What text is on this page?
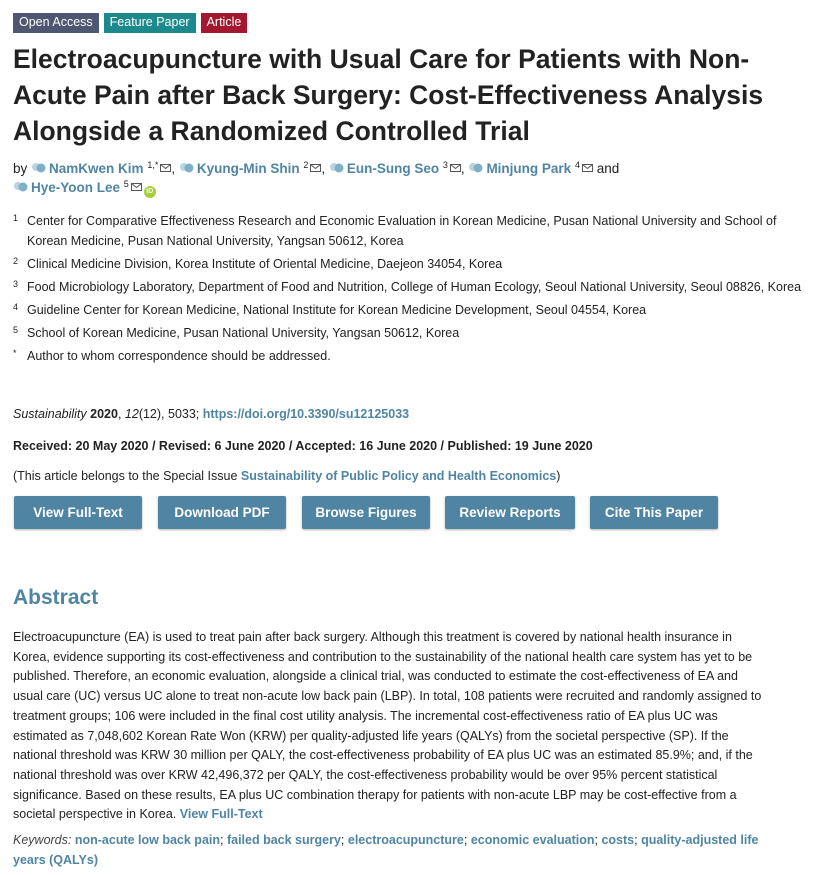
Open Access	Feature Paper	Article
Electroacupuncture with Usual Care for Patients with Non-Acute Pain after Back Surgery: Cost-Effectiveness Analysis Alongside a Randomized Controlled Trial
by NamKwen Kim $^{1,*}$ , Kyung-Min Shin $^2$ , Eun-Sung Seo $^3$ , Minjung Park $^4$ and
Hye-Yoon Lee $^5$iD
1 Center for Comparative Effectiveness Research and Economic Evaluation in Korean Medicine, Pusan National University and School of Korean Medicine, Pusan National University, Yangsan 50612, Korea
2 Clinical Medicine Division, Korea Institute of Oriental Medicine, Daejeon 34054, Korea
3 Food Microbiology Laboratory, Department of Food and Nutrition, College of Human Ecology, Seoul National University, Seoul 08826, Korea
4 Guideline Center for Korean Medicine, National Institute for Korean Medicine Development, Seoul 04554, Korea
5 School of Korean Medicine, Pusan National University, Yangsan 50612, Korea
* Author to whom correspondence should be addressed.
Sustainability 2020, 12(12), 5033; https://doi.org/10.3390/su12125033
Received: 20 May 2020 / Revised: 6 June 2020 / Accepted: 16 June 2020 / Published: 19 June 2020
(This article belongs to the Special Issue Sustainability of Public Policy and Health Economics)
View Full-Text	Download PDF	Browse Figures	Review Reports	Cite This Paper
Abstract
Electroacupuncture (EA) is used to treat pain after back surgery. Although this treatment is covered by national health insurance in Korea, evidence supporting its cost-effectiveness and contribution to the sustainability of the national health care system has yet to be published. Therefore, an economic evaluation, alongside a clinical trial, was conducted to estimate the cost-effectiveness of EA and usual care (UC) versus UC alone to treat non-acute low back pain (LBP). In total, 108 patients were recruited and randomly assigned to treatment groups; 106 were included in the final cost utility analysis. The incremental cost-effectiveness ratio of EA plus UC was estimated as 7,048,602 Korean Rate Won (KRW) per quality-adjusted life years (QALYs) from the societal perspective (SP). If the national threshold was KRW 30 million per QALY, the cost-effectiveness probability of EA plus UC was an estimated 85.9%; and, if the national threshold was over KRW 42,496,372 per QALY, the cost-effectiveness probability would be over 95% percent statistical significance. Based on these results, EA plus UC combination therapy for patients with non-acute LBP may be cost-effective from a societal perspective in Korea. View Full-Text
Keywords: non-acute low back pain; failed back surgery; electroacupuncture; economic evaluation; costs; quality-adjusted life years (QALYs)
